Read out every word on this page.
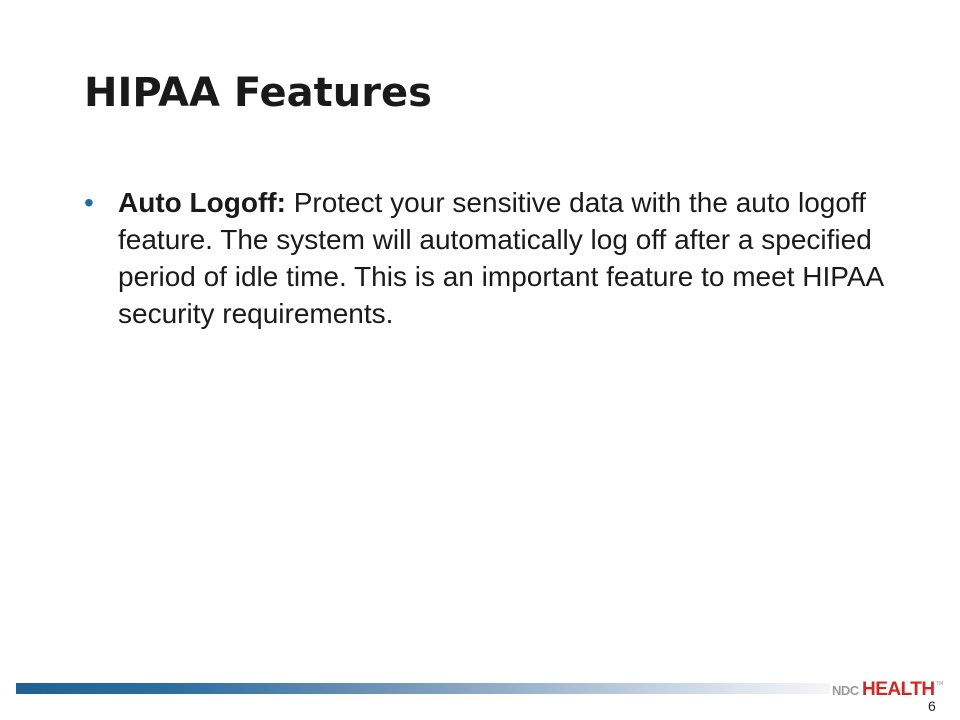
HIPAA Features
• Auto Logoff: Protect your sensitive data with the auto logoff feature. The system will automatically log off after a specified period of idle time. This is an important feature to meet HIPAA security requirements.
NDC HEALTH TM
6
